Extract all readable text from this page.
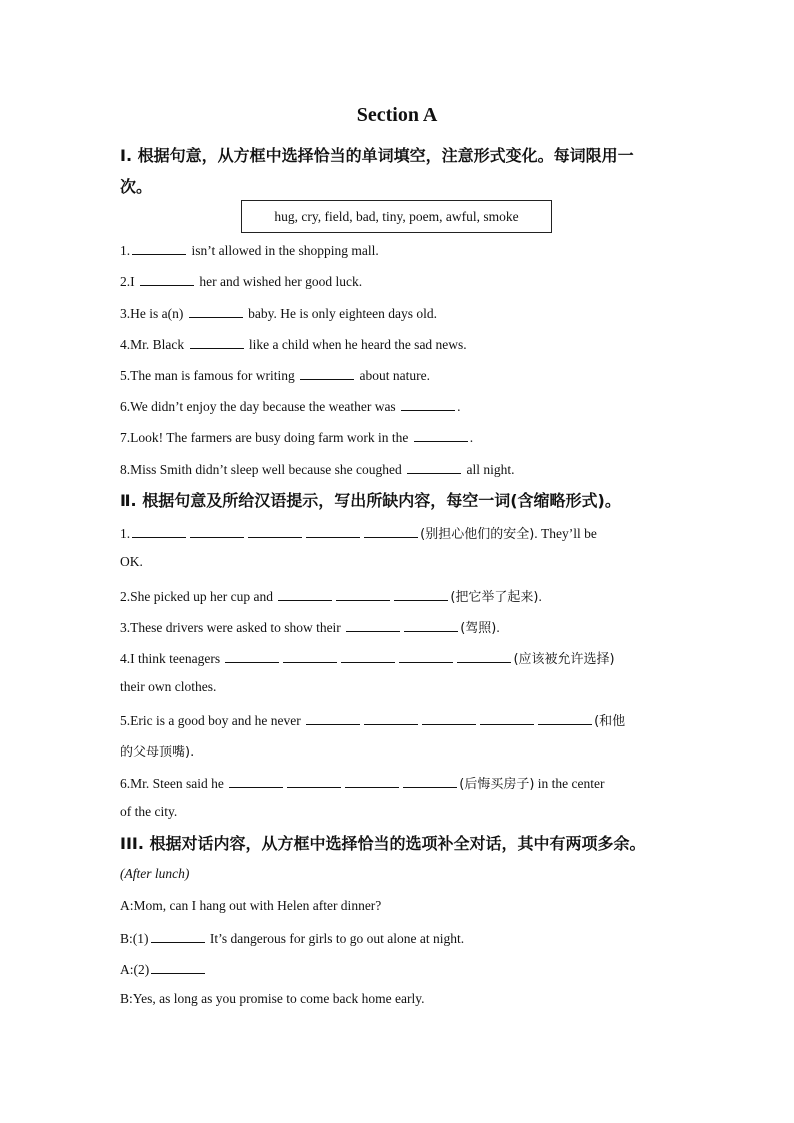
Section A
Ⅰ. 根据句意，从方框中选择恰当的单词填空，注意形式变化。每词限用一
次。
hug, cry, field, bad, tiny, poem, awful, smoke
1.	isn’t allowed in the shopping mall.
2.I	her and wished her good luck.
3.He is a(n)	baby. He is only eighteen days old.
4.Mr. Black	like a child when he heard the sad news.
5.The man is famous for writing	about nature.
6.We didn’t enjoy the day because the weather was	.
7.Look! The farmers are busy doing farm work in the	.
8.Miss Smith didn’t sleep well because she coughed	all night.
Ⅱ. 根据句意及所给汉语提示，写出所缺内容，每空一词(含缩略形式)。
1.	(别担心他们的安全). They’ll be
OK.
2.She picked up her cup and	(把它举了起来).
3.These drivers were asked to show their	(驾照).
4.I think teenagers	(应该被允许选择)
their own clothes.
5.Eric is a good boy and he never	(和他
的父母顶嘴).
6.Mr. Steen said he	(后悔买房子) in the center
of the city.
III. 根据对话内容，从方框中选择恰当的选项补全对话，其中有两项多余。
(After lunch)
A:Mom, can I hang out with Helen after dinner?
B:(1)	It’s dangerous for girls to go out alone at night.
A:(2)
B:Yes, as long as you promise to come back home early.
